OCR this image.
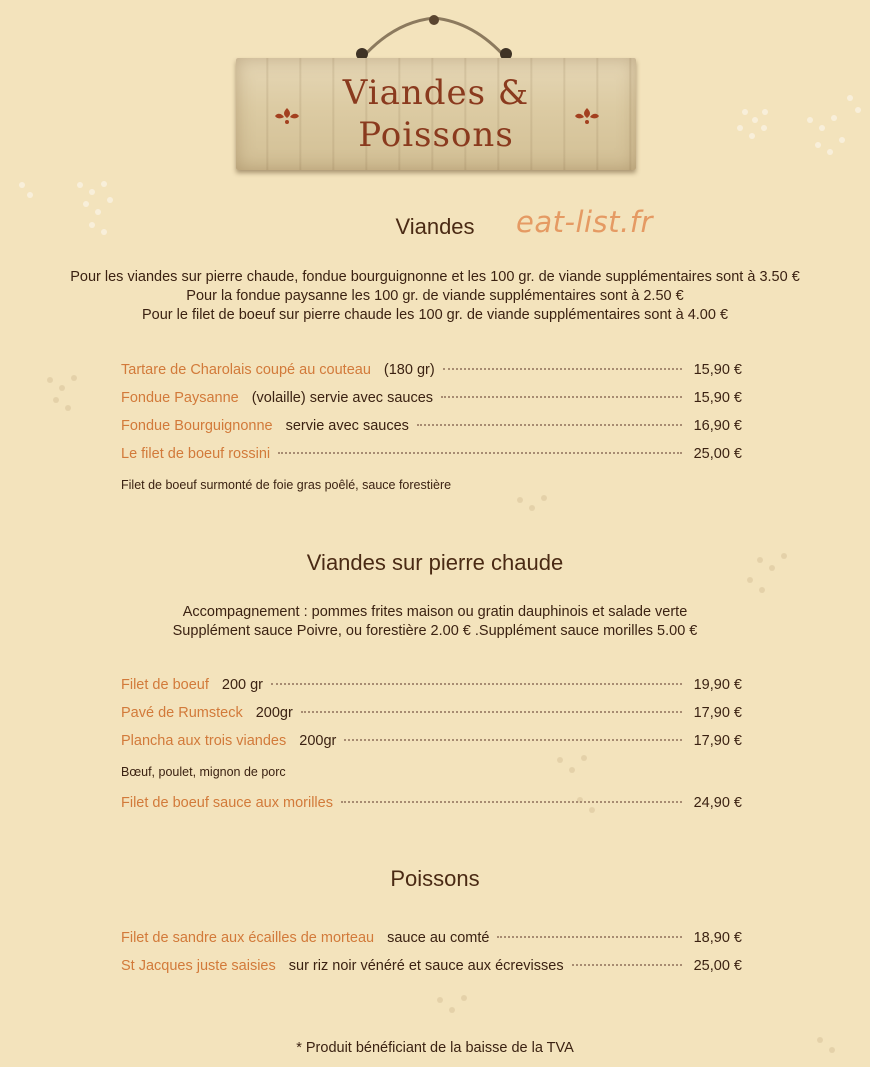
Viandes &
Poissons
Viandes	eat-list.fr
Pour les viandes sur pierre chaude, fondue bourguignonne et les 100 gr. de viande supplémentaires sont à 3.50 €
Pour la fondue paysanne les 100 gr. de viande supplémentaires sont à 2.50 €
Pour le filet de boeuf sur pierre chaude les 100 gr. de viande supplémentaires sont à 4.00 €
Tartare de Charolais coupé au couteau (180 gr)	15,90 €
Fondue Paysanne (volaille) servie avec sauces	15,90 €
Fondue Bourguignonne servie avec sauces	16,90 €
Le filet de boeuf rossini	25,00 €
Filet de boeuf surmonté de foie gras poêlé, sauce forestière
Viandes sur pierre chaude
Accompagnement : pommes frites maison ou gratin dauphinois et salade verte
Supplément sauce Poivre, ou forestière 2.00 € .Supplément sauce morilles 5.00 €
Filet de boeuf 200 gr	19,90 €
Pavé de Rumsteck 200gr	17,90 €
Plancha aux trois viandes 200gr	17,90 €
Bœuf, poulet, mignon de porc
Filet de boeuf sauce aux morilles	24,90 €
Poissons
Filet de sandre aux écailles de morteau sauce au comté	18,90 €
St Jacques juste saisies sur riz noir vénéré et sauce aux écrevisses	25,00 €
* Produit bénéficiant de la baisse de la TVA
